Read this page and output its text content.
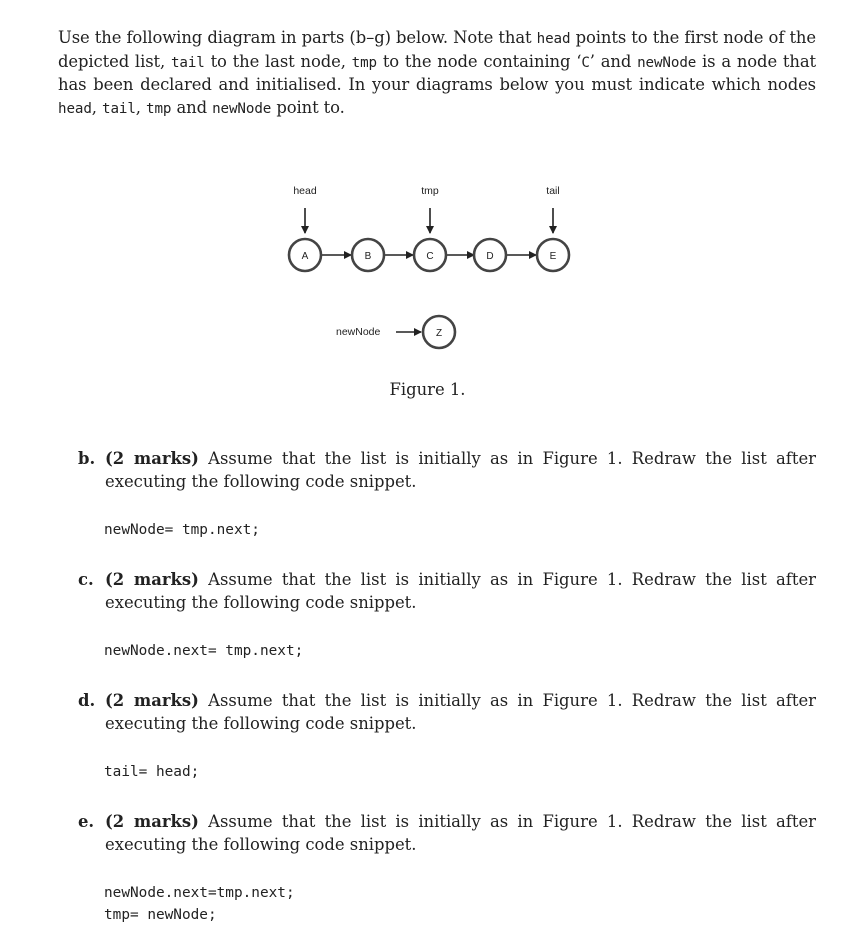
Use the following diagram in parts (b–g) below. Note that head points to the first node of the depicted list, tail to the last node, tmp to the node containing ‘C’ and newNode is a node that has been declared and initialised. In your diagrams below you must indicate which nodes head, tail, tmp and newNode point to.
head	tmp	tail
A	B	C	D	E
newNode	Z
Figure 1.
b. (2 marks) Assume that the list is initially as in Figure 1. Redraw the list after executing the following code snippet.
newNode= tmp.next;
c. (2 marks) Assume that the list is initially as in Figure 1. Redraw the list after executing the following code snippet.
newNode.next= tmp.next;
d. (2 marks) Assume that the list is initially as in Figure 1. Redraw the list after executing the following code snippet.
tail= head;
e. (2 marks) Assume that the list is initially as in Figure 1. Redraw the list after executing the following code snippet.
newNode.next=tmp.next;
tmp= newNode;
